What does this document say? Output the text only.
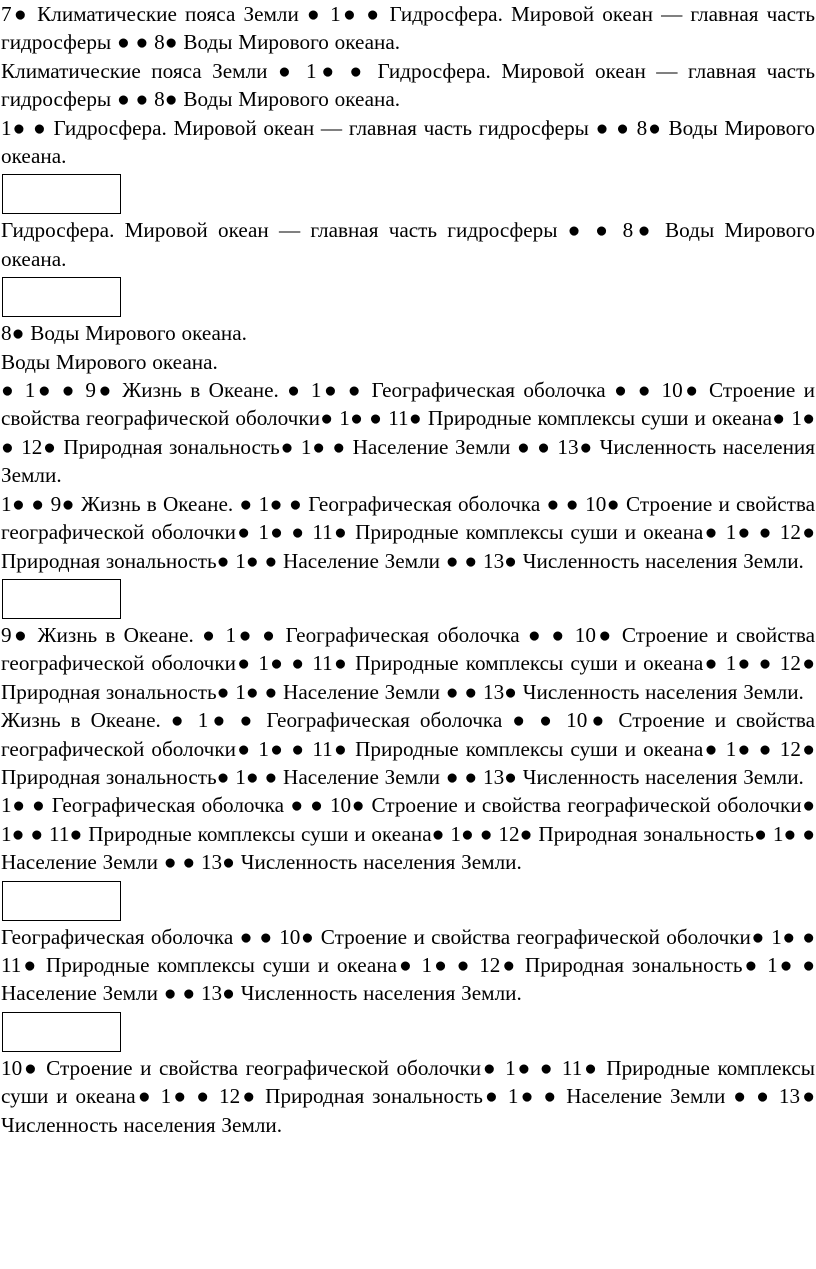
7● Климатические пояса Земли ● 1● ● Гидросфера. Мировой океан — главная часть гидросферы ● ● 8● Воды Мирового океана.

Климатические пояса Земли ● 1● ● Гидросфера. Мировой океан — главная часть гидросферы ● ● 8● Воды Мирового океана.

1● ● Гидросфера. Мировой океан — главная часть гидросферы ● ● 8● Воды Мирового океана.

Гидросфера. Мировой океан — главная часть гидросферы ● ● 8● Воды Мирового океана.

8● Воды Мирового океана.

Воды Мирового океана.

● 1● ● 9● Жизнь в Океане. ● 1● ● Географическая оболочка ● ● 10● Строение и свойства географической оболочки● 1● ● 11● Природные комплексы суши и океана● 1● ● 12● Природная зональность● 1● ● Население Земли ● ● 13● Численность населения Земли.

1● ● 9● Жизнь в Океане. ● 1● ● Географическая оболочка ● ● 10● Строение и свойства географической оболочки● 1● ● 11● Природные комплексы суши и океана● 1● ● 12● Природная зональность● 1● ● Население Земли ● ● 13● Численность населения Земли.

9● Жизнь в Океане. ● 1● ● Географическая оболочка ● ● 10● Строение и свойства географической оболочки● 1● ● 11● Природные комплексы суши и океана● 1● ● 12● Природная зональность● 1● ● Население Земли ● ● 13● Численность населения Земли.

Жизнь в Океане. ● 1● ● Географическая оболочка ● ● 10● Строение и свойства географической оболочки● 1● ● 11● Природные комплексы суши и океана● 1● ● 12● Природная зональность● 1● ● Население Земли ● ● 13● Численность населения Земли.

1● ● Географическая оболочка ● ● 10● Строение и свойства географической оболочки● 1● ● 11● Природные комплексы суши и океана● 1● ● 12● Природная зональность● 1● ● Население Земли ● ● 13● Численность населения Земли.

Географическая оболочка ● ● 10● Строение и свойства географической оболочки● 1● ● 11● Природные комплексы суши и океана● 1● ● 12● Природная зональность● 1● ● Население Земли ● ● 13● Численность населения Земли.

10● Строение и свойства географической оболочки● 1● ● 11● Природные комплексы суши и океана● 1● ● 12● Природная зональность● 1● ● Население Земли ● ● 13● Численность населения Земли.
